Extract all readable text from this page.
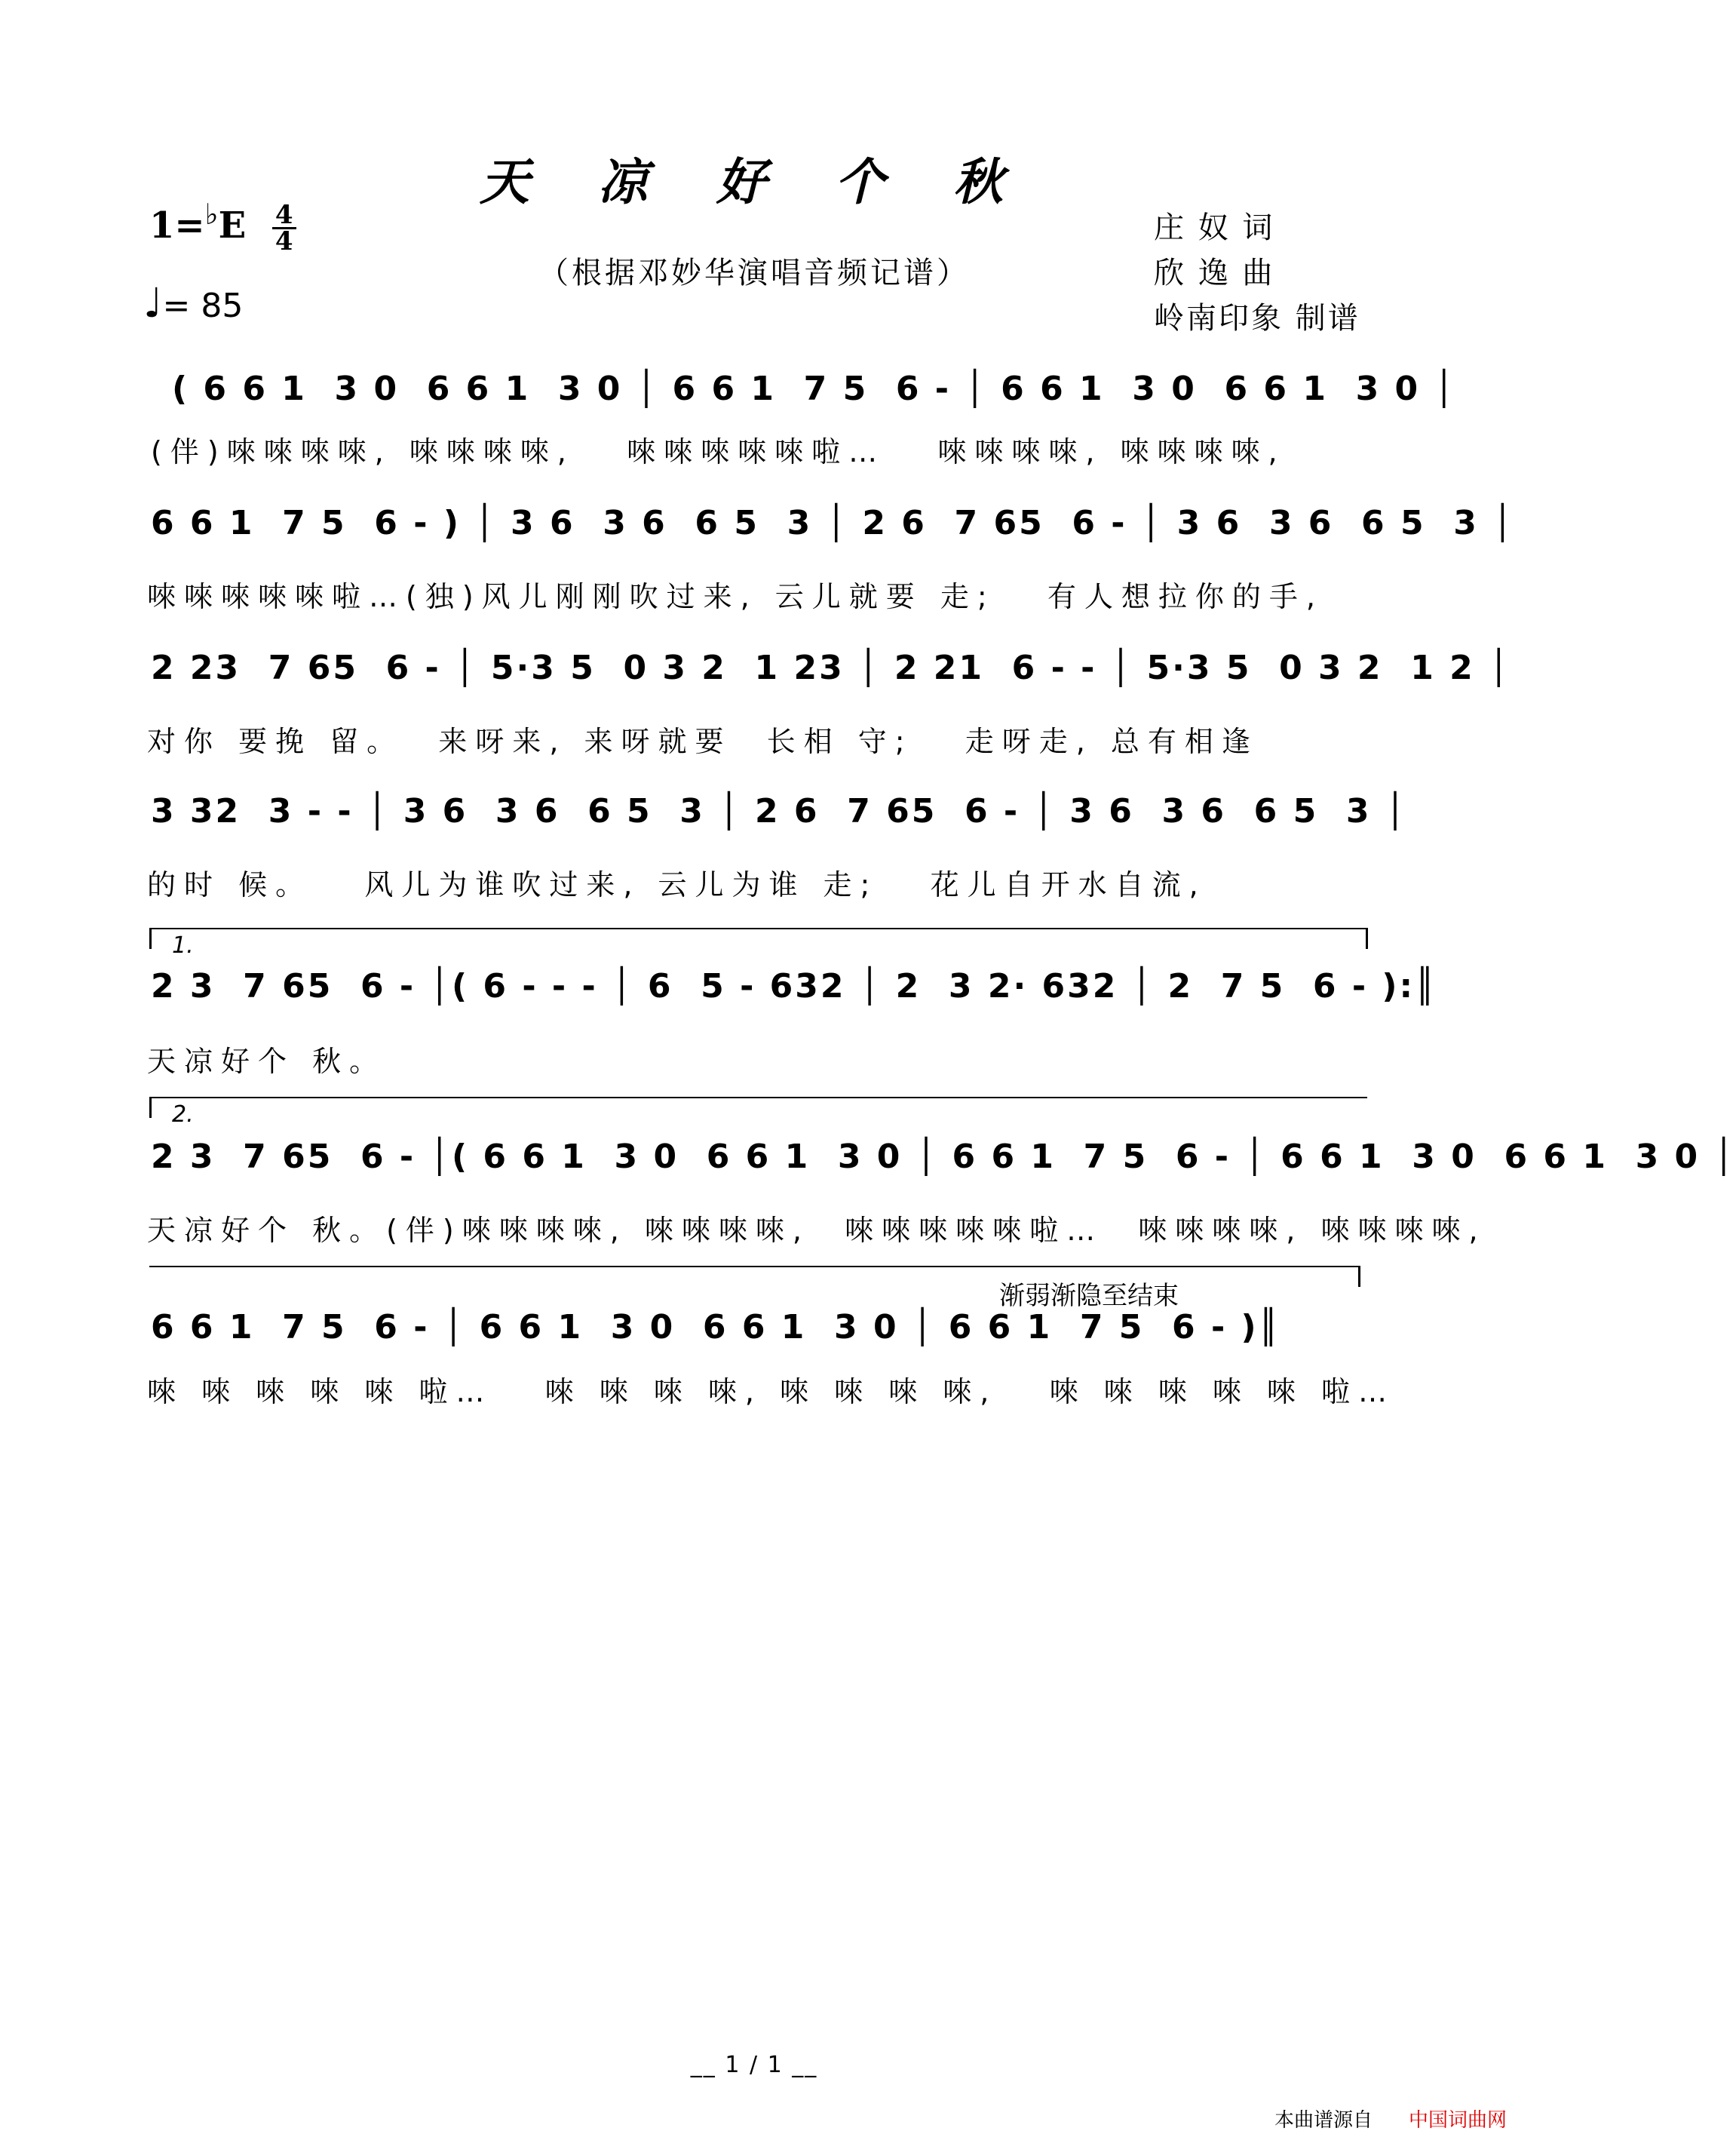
天 凉 好 个 秋
（根据邓妙华演唱音频记谱）
$1=^♭E \frac{4}{4}$
♩= 85
庄 奴 词
欣 逸 曲
岭南印象 制谱
( 6 6 1  3 0  6 6 1  3 0 │ 6 6 1  7 5  6 - │ 6 6 1  3 0  6 6 1  3 0 │
(伴)唻唻唻唻, 唻唻唻唻,   唻唻唻唻唻啦…   唻唻唻唻, 唻唻唻唻,
6 6 1  7 5  6 - ) │ 3 6  3 6  6 5  3 │ 2 6  7 65  6 - │ 3 6  3 6  6 5  3 │
唻唻唻唻唻啦…(独)风儿刚刚吹过来, 云儿就要 走;   有人想拉你的手,
2 23  7 65  6 - │ 5·3 5  0 3 2  1 23 │ 2 21  6 - - │ 5·3 5  0 3 2  1 2 │
对你 要挽 留。  来呀来, 来呀就要  长相 守;   走呀走, 总有相逢
3 32  3 - - │ 3 6  3 6  6 5  3 │ 2 6  7 65  6 - │ 3 6  3 6  6 5  3 │
的时 候。   风儿为谁吹过来, 云儿为谁 走;   花儿自开水自流,
1.
2 3  7 65  6 - │( 6 - - - │ 6  5 - 632 │ 2  3 2· 632 │ 2  7 5  6 - ):║
天凉好个 秋。
2.
2 3  7 65  6 - │( 6 6 1  3 0  6 6 1  3 0 │ 6 6 1  7 5  6 - │ 6 6 1  3 0  6 6 1  3 0 │
天凉好个 秋。(伴)唻唻唻唻, 唻唻唻唻,  唻唻唻唻唻啦…  唻唻唻唻, 唻唻唻唻,
渐弱渐隐至结束
6 6 1  7 5  6 - │ 6 6 1  3 0  6 6 1  3 0 │ 6 6 1  7 5  6 - )║
唻 唻 唻 唻 唻 啦…   唻 唻 唻 唻, 唻 唻 唻 唻,   唻 唻 唻 唻 唻 啦…
__ 1 / 1 __
本曲谱源自 中国词曲网
